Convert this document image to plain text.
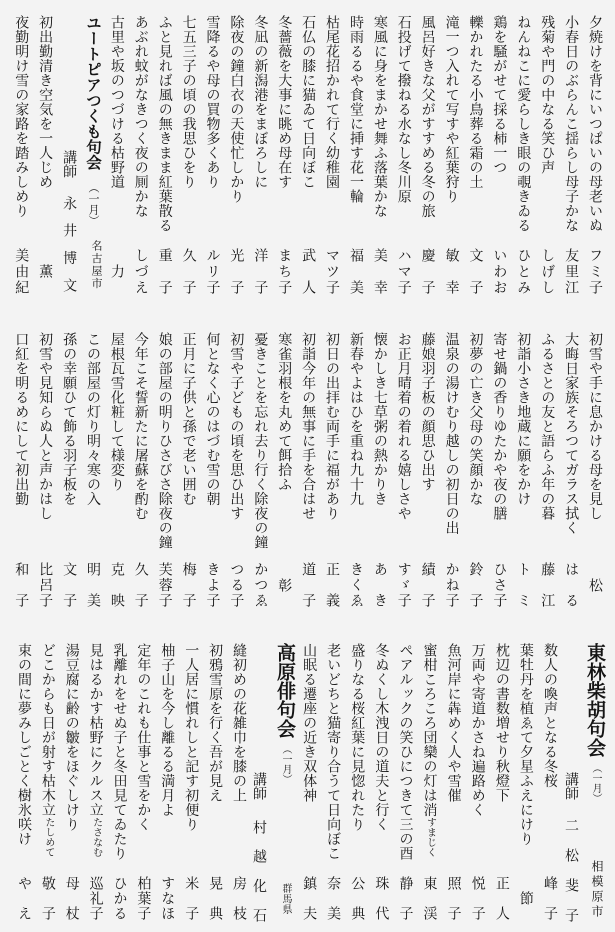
夕焼けを背にいつぱいの母老いぬ
フミ子
小春日のぶらんこ揺らし母子かな
友里江
残菊や門の中なる笑ひ声
しげし
ねんねこに愛らしき眼の覗きゐる
ひとみ
鶏を騒がせて採る柿一つ
いわお
轢かれたる小鳥葬る霜の土
文子
滝一つ入れて写すや紅葉狩り
敏幸
風呂好きな父がすすめる冬の旅
慶子
石投げて撥ねる水なし冬川原
ハマ子
寒風に身をまかせ舞ふ落葉かな
美幸
時雨るるや食堂に挿す花一輪
福美
枯尾花招かれて行く幼稚園
マツ子
石仏の膝に猫ゐて日向ぼこ
武人
冬薔薇を大事に眺め母在す
まち子
冬凪の新潟港をまぼろしに
洋子
除夜の鐘白衣の天使忙しかり
光子
雪降るや母の買物多くあり
ルリ子
七五三子の頃の我思ひをり
久子
ふと見れば風の無きまま紅葉散る
重子
あぶれ蚊がなきつく夜の厠かな
しづえ
古里や坂のつづける枯野道
力
ユートピアつくも句会（一月）
名古屋市
講師
永井博文
初出勤清き空気を一人じめ
薫
夜勤明け雪の家路を踏みしめり
美由紀
初雪や手に息かける母を見し
松
大晦日家族そろつてガラス拭く
はる
ふるさとの友と語らふ年の暮
藤江
初詣小さき地蔵に願をかけ
トミ
寄せ鍋の香りゆたかや夜の膳
ひさ子
初夢の亡き父母の笑顔かな
鈴子
温泉の湯けむり越しの初日の出
かね子
藤娘羽子板の顔思ひ出す
績子
お正月晴着の着れる嬉しさや
すゞ子
懐かしき七草粥の熱かりき
あき
新春やよはひを重ね九十九
きくゑ
初日の出拝む両手に福があり
正義
初詣今年の無事に手を合はせ
道子
寒雀羽根を丸めて餌拾ふ
彰
憂きことを忘れ去り行く除夜の鐘
かつゑ
初雪や子どもの頃を思ひ出す
つる子
何となく心のはづむ雪の朝
きよ子
正月に子供と孫で老い囲む
梅子
娘の部屋の明りひさびさ除夜の鐘
芙蓉子
今年こそ誓新たに屠蘇を酌む
久子
屋根瓦雪化粧して様変り
克映
この部屋の灯り明々寒の入
明美
孫の幸願ひて飾る羽子板を
文子
初雪や見知らぬ人と声かはし
比呂子
口紅を明るめにして初出勤
和子
東林柴胡句会（一月）
相模原市
講師
二松斐子
数人の喚声となる冬桜
峰子
葉牡丹を植ゑて夕星ふえにけり
節
枕辺の書数増せり秋燈下
正人
万両や寄道かさね遍路めく
悦子
魚河岸に犇めく人や雪催
照子
蜜柑ころころ団欒の灯は消すまじく
東渓
ペアルックの笑ひにつきて三の酉
静子
冬ぬくし木洩日の道夫と行く
珠代
盛りなる桜紅葉に見惚れたり
公典
老いどちと猫寄り合うて日向ぼこ
奈美
山眠る遷座の近き双体神
鎮夫
高原俳句会（一月）
群馬県
講師
村越化石
縫初めの花雑巾を膝の上
房枝
初鴉雪原を行く吾が見え
晃典
一人居に慣れしと記す初便り
米子
柚子山を今し離るる満月よ
すなほ
定年のこれも仕事と雪をかく
柏葉子
乳離れをせぬ子と冬田見てゐたり
ひかる
見はるかす枯野にクルス立たさなむ
巡礼子
湯豆腐に齢の皺をほぐしけり
母杖
どこからも日が射す枯木立たしめて
敬子
束の間に夢みしごとく樹氷咲け
やえ
